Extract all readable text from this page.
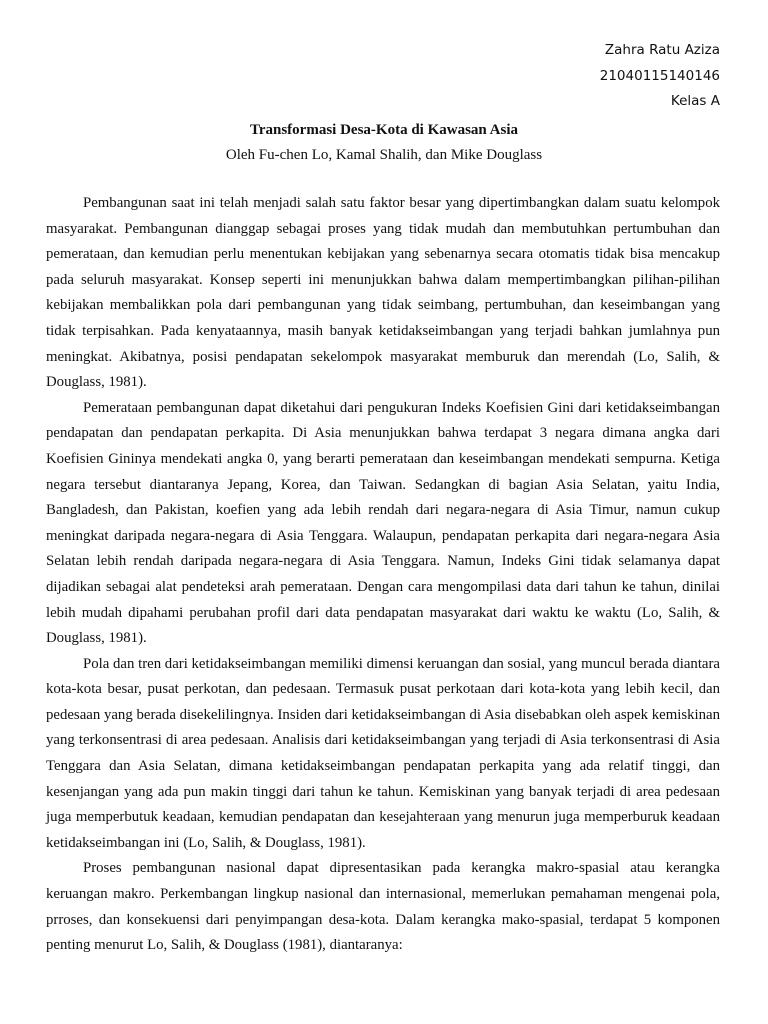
Zahra Ratu Aziza
21040115140146
Kelas A
Transformasi Desa-Kota di Kawasan Asia
Oleh Fu-chen Lo, Kamal Shalih, dan Mike Douglass

Pembangunan saat ini telah menjadi salah satu faktor besar yang dipertimbangkan dalam suatu kelompok masyarakat. Pembangunan dianggap sebagai proses yang tidak mudah dan membutuhkan pertumbuhan dan pemerataan, dan kemudian perlu menentukan kebijakan yang sebenarnya secara otomatis tidak bisa mencakup pada seluruh masyarakat. Konsep seperti ini menunjukkan bahwa dalam mempertimbangkan pilihan-pilihan kebijakan membalikkan pola dari pembangunan yang tidak seimbang, pertumbuhan, dan keseimbangan yang tidak terpisahkan. Pada kenyataannya, masih banyak ketidakseimbangan yang terjadi bahkan jumlahnya pun meningkat. Akibatnya, posisi pendapatan sekelompok masyarakat memburuk dan merendah (Lo, Salih, & Douglass, 1981).

Pemerataan pembangunan dapat diketahui dari pengukuran Indeks Koefisien Gini dari ketidakseimbangan pendapatan dan pendapatan perkapita. Di Asia menunjukkan bahwa terdapat 3 negara dimana angka dari Koefisien Gininya mendekati angka 0, yang berarti pemerataan dan keseimbangan mendekati sempurna. Ketiga negara tersebut diantaranya Jepang, Korea, dan Taiwan. Sedangkan di bagian Asia Selatan, yaitu India, Bangladesh, dan Pakistan, koefien yang ada lebih rendah dari negara-negara di Asia Timur, namun cukup meningkat daripada negara-negara di Asia Tenggara. Walaupun, pendapatan perkapita dari negara-negara Asia Selatan lebih rendah daripada negara-negara di Asia Tenggara. Namun, Indeks Gini tidak selamanya dapat dijadikan sebagai alat pendeteksi arah pemerataan. Dengan cara mengompilasi data dari tahun ke tahun, dinilai lebih mudah dipahami perubahan profil dari data pendapatan masyarakat dari waktu ke waktu (Lo, Salih, & Douglass, 1981).

Pola dan tren dari ketidakseimbangan memiliki dimensi keruangan dan sosial, yang muncul berada diantara kota-kota besar, pusat perkotan, dan pedesaan. Termasuk pusat perkotaan dari kota-kota yang lebih kecil, dan pedesaan yang berada disekelilingnya. Insiden dari ketidakseimbangan di Asia disebabkan oleh aspek kemiskinan yang terkonsentrasi di area pedesaan. Analisis dari ketidakseimbangan yang terjadi di Asia terkonsentrasi di Asia Tenggara dan Asia Selatan, dimana ketidakseimbangan pendapatan perkapita yang ada relatif tinggi, dan kesenjangan yang ada pun makin tinggi dari tahun ke tahun. Kemiskinan yang banyak terjadi di area pedesaan juga memperbutuk keadaan, kemudian pendapatan dan kesejahteraan yang menurun juga memperburuk keadaan ketidakseimbangan ini (Lo, Salih, & Douglass, 1981).

Proses pembangunan nasional dapat dipresentasikan pada kerangka makro-spasial atau kerangka keruangan makro. Perkembangan lingkup nasional dan internasional, memerlukan pemahaman mengenai pola, prroses, dan konsekuensi dari penyimpangan desa-kota. Dalam kerangka mako-spasial, terdapat 5 komponen penting menurut Lo, Salih, & Douglass (1981), diantaranya:
